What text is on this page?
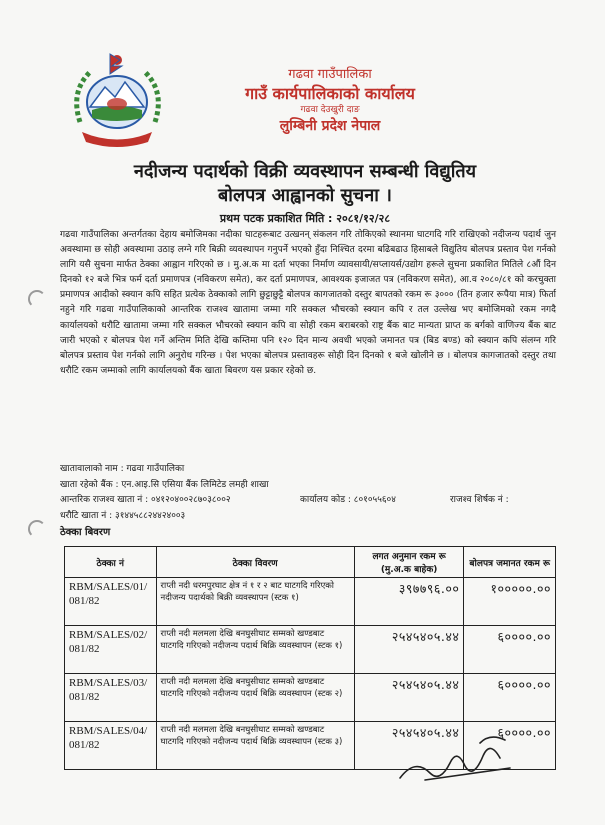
गढवा गाउँपालिका
गाउँ कार्यपालिकाको कार्यालय
गढवा देउखुरी दाङ
लुम्बिनी प्रदेश नेपाल
नदीजन्य पदार्थको विक्री व्यवस्थापन सम्बन्धी विद्युतिय
बोलपत्र आह्वानको सुचना ।
प्रथम पटक प्रकाशित मिति : २०८१/१२/२८

गढवा गाउँपालिका अन्तर्गतका देहाय बमोजिमका नदीका घाटहरूबाट उत्खनन् संकलन गरि तोकिएको स्थानमा घाटगदि गरि राखिएको नदीजन्य पदार्थ जुन अवस्थामा छ सोही अवस्थामा उठाइ लग्ने गरि बिक्री व्यवस्थापन गनुपर्ने भएको हुँदा निश्चित दरमा बढिबढाउ हिसाबले विद्युतिय बोलपत्र प्रस्ताव पेश गर्नको लागि यसै सुचना मार्फत ठेक्का आह्वान गरिएको छ । मु.अ.क मा दर्ता भएका निर्माण व्यावसायी/सप्लायर्स/उद्योग हरूले सुचना प्रकाशित मितिले ८औं दिन दिनको १२ बजे भित्र फर्म दर्ता प्रमाणपत्र (नविकरण समेत), कर दर्ता प्रमाणपत्र, आवश्यक इजाजत पत्र (नविकरण समेत), आ.व २०८०/८१ को करचुक्ता प्रमाणपत्र आदीको स्क्यान कपि सहित प्रत्येक ठेक्काको लागि छुट्टाछुट्टै बोलपत्र कागजातको दस्तुर बापतको रकम रू ३००० (तिन हजार रूपैया मात्र) फिर्ता नहुने गरि गढवा गाउँपालिकाको आन्तरिक राजश्व खातामा जम्मा गरि सक्कल भौचरको स्क्यान कपि र तल उल्लेख भए बमोजिमको रकम नगदै कार्यालयको धरौटि खातामा जम्मा गरि सक्कल भौचरको स्क्यान कपि वा सोही रकम बराबरको राष्ट्र बैंक बाट मान्यता प्राप्त क बर्गको वाणिज्य बैंक बाट जारी भएको र बोलपत्र पेश गर्ने अन्तिम मिति देखि कम्तिमा पनि १२० दिन मान्य अवधी भएको जमानत पत्र (बिड बण्ड) को स्क्यान कपि संलग्न गरि बोलपत्र प्रस्ताव पेश गर्नको लागि अनुरोध गरिन्छ । पेश भएका बोलपत्र प्रस्तावहरू सोही दिन दिनको १ बजे खोलीने छ । बोलपत्र कागजातको दस्तुर तथा धरौटि रकम जम्माको लागि कार्यालयको बैंक खाता बिवरण यस प्रकार रहेको छ.

खातावालाको नाम : गढवा गाउँपालिका
खाता रहेको बैंक : एन.आइ.सि एसिया बैंक लिमिटेड लमही शाखा
आन्तरिक राजश्व खाता नं : ०४१२०४००२८७०३८००२	कार्यालय कोड : ८०१०५५६०४	राजश्व शिर्षक नं :
धरौटि खाता नं : ३१४४५८८२४४२४००३
ठेक्का बिवरण
ठेक्का नं	ठेक्का विवरण	लगत अनुमान रकम रू (मु.अ.क बाहेक)	बोलपत्र जमानत रकम रू
RBM/SALES/01/ 081/82	राप्ती नदी धरमपुरघाट क्षेत्र नं १ र २ बाट घाटगदि गरिएको नदीजन्य पदार्थको बिक्री व्यवस्थापन (स्टक १)	३९७७९६.००	१०००००.००
RBM/SALES/02/ 081/82	राप्ती नदी मलमला देखि बनघुसीघाट सम्मको खण्डबाट घाटगदि गरिएको नदीजन्य पदार्थ बिक्रि व्यवस्थापन (स्टक १)	२५४५४०५.४४	६००००.००
RBM/SALES/03/ 081/82	राप्ती नदी मलमला देखि बनघुसीघाट सम्मको खण्डबाट घाटगदि गरिएको नदीजन्य पदार्थ बिक्रि व्यवस्थापन (स्टक २)	२५४५४०५.४४	६००००.००
RBM/SALES/04/ 081/82	राप्ती नदी मलमला देखि बनघुसीघाट सम्मको खण्डबाट घाटगदि गरिएको नदीजन्य पदार्थ बिक्रि व्यवस्थापन (स्टक ३)	२५४५४०५.४४	६००००.००
